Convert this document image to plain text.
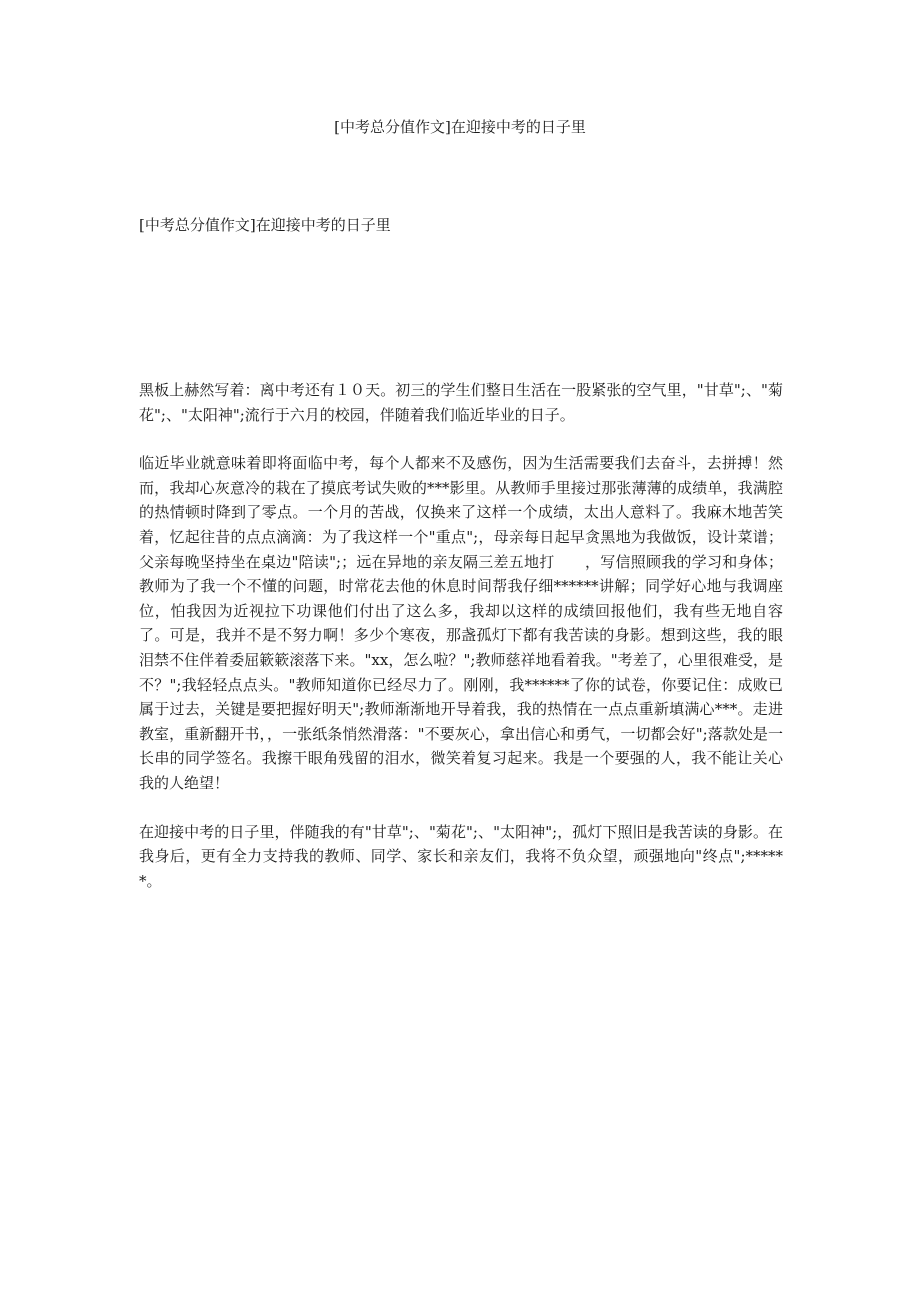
[中考总分值作文]在迎接中考的日子里
[中考总分值作文]在迎接中考的日子里

黑板上赫然写着：离中考还有１０天。初三的学生们整日生活在一股紧张的空气里，"甘草";、"菊花";、"太阳神";流行于六月的校园，伴随着我们临近毕业的日子。

临近毕业就意味着即将面临中考，每个人都来不及感伤，因为生活需要我们去奋斗，去拼搏！然而，我却心灰意冷的栽在了摸底考试失败的***影里。从教师手里接过那张薄薄的成绩单，我满腔的热情顿时降到了零点。一个月的苦战，仅换来了这样一个成绩，太出人意料了。我麻木地苦笑着，忆起往昔的点点滴滴：为了我这样一个"重点";，母亲每日起早贪黑地为我做饭，设计菜谱；父亲每晚坚持坐在桌边"陪读";；远在异地的亲友隔三差五地打　　，写信照顾我的学习和身体；教师为了我一个不懂的问题，时常花去他的休息时间帮我仔细******讲解；同学好心地与我调座位，怕我因为近视拉下功课他们付出了这么多，我却以这样的成绩回报他们，我有些无地自容了。可是，我并不是不努力啊！多少个寒夜，那盏孤灯下都有我苦读的身影。想到这些，我的眼泪禁不住伴着委屈簌簌滚落下来。"xx，怎么啦？";教师慈祥地看着我。"考差了，心里很难受，是不？";我轻轻点点头。"教师知道你已经尽力了。刚刚，我******了你的试卷，你要记住：成败已属于过去，关键是要把握好明天";教师渐渐地开导着我，我的热情在一点点重新填满心***。走进教室，重新翻开书，，一张纸条悄然滑落："不要灰心，拿出信心和勇气，一切都会好";落款处是一长串的同学签名。我擦干眼角残留的泪水，微笑着复习起来。我是一个要强的人，我不能让关心我的人绝望！

在迎接中考的日子里，伴随我的有"甘草";、"菊花";、"太阳神";，孤灯下照旧是我苦读的身影。在我身后，更有全力支持我的教师、同学、家长和亲友们，我将不负众望，顽强地向"终点";******。
